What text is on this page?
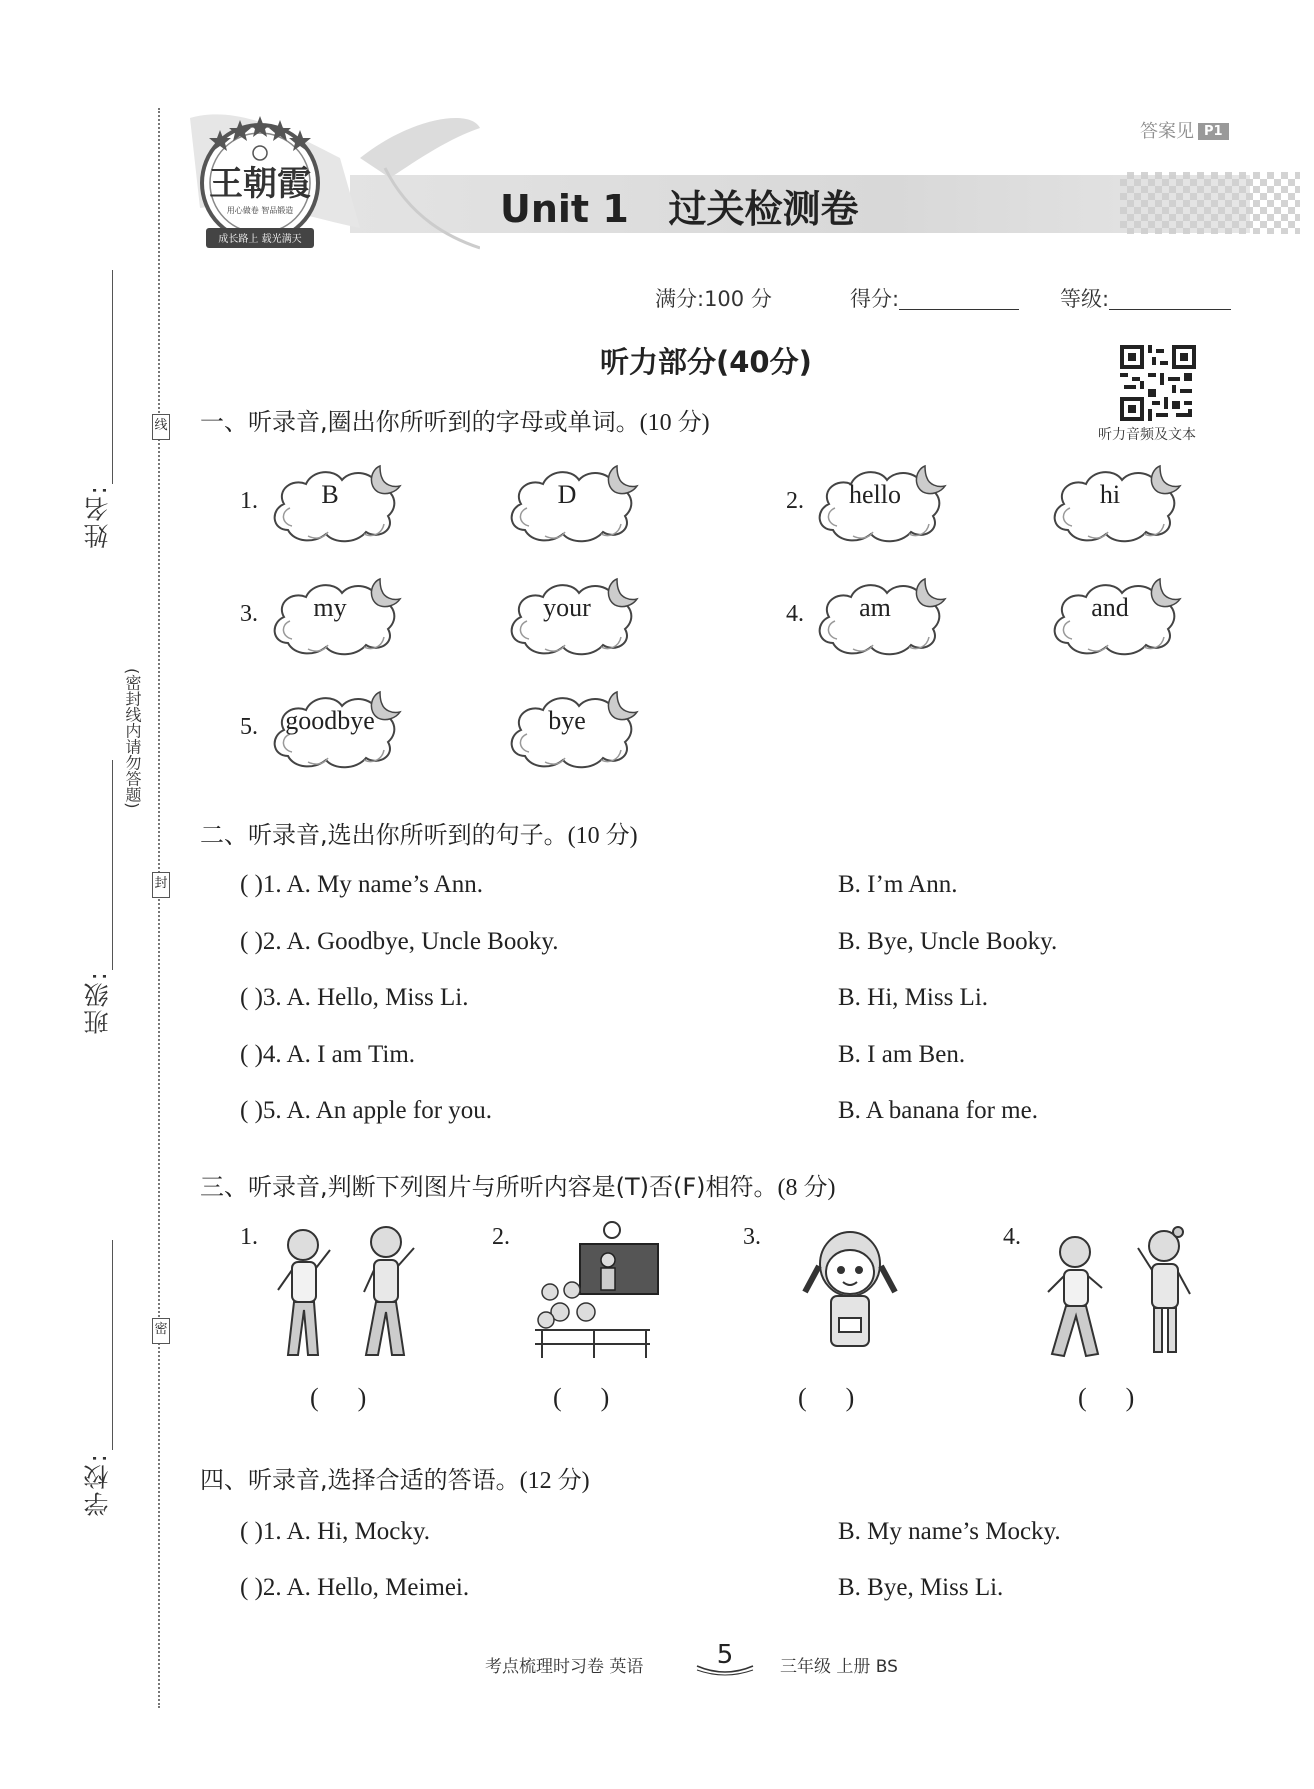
线
封
密
(密封线内请勿答题)
姓名:
班级:
学校:
王朝霞
用心做卷 智品锻造
成长路上 载光满天
Unit 1   过关检测卷
答案见 P1
满分:100 分	得分:	等级:
听力部分(40分)
听力音频及文本
一、听录音,圈出你所听到的字母或单词。(10 分)
1.	B	D	2.	hello	hi
3.	my	your	4.	am	and
5.	goodbye	bye
二、听录音,选出你所听到的句子。(10 分)
( )1. A. My name’s Ann.	B. I’m Ann.
( )2. A. Goodbye, Uncle Booky.	B. Bye, Uncle Booky.
( )3. A. Hello, Miss Li.	B. Hi, Miss Li.
( )4. A. I am Tim.	B. I am Ben.
( )5. A. An apple for you.	B. A banana for me.
三、听录音,判断下列图片与所听内容是(T)否(F)相符。(8 分)
1.	2.	3.	4.
(      )	(      )	(      )	(      )
四、听录音,选择合适的答语。(12 分)
( )1. A. Hi, Mocky.	B. My name’s Mocky.
( )2. A. Hello, Meimei.	B. Bye, Miss Li.
考点梳理时习卷 英语	5	三年级 上册 BS
